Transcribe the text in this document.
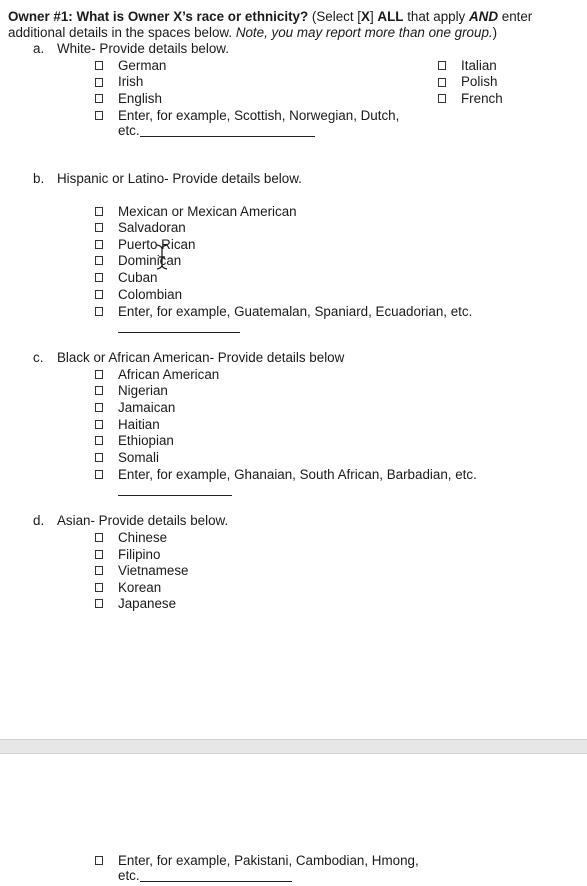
Owner #1: What is Owner X’s race or ethnicity? (Select [X] ALL that apply AND enter
additional details in the spaces below. Note, you may report more than one group.)
a. White- Provide details below.
German
Irish
English
Italian
Polish
French
Enter, for example, Scottish, Norwegian, Dutch,
etc.
b. Hispanic or Latino- Provide details below.
Mexican or Mexican American
Salvadoran
Puerto Rican
Dominican
Cuban
Colombian
Enter, for example, Guatemalan, Spaniard, Ecuadorian, etc.
c. Black or African American- Provide details below
African American
Nigerian
Jamaican
Haitian
Ethiopian
Somali
Enter, for example, Ghanaian, South African, Barbadian, etc.
d. Asian- Provide details below.
Chinese
Filipino
Vietnamese
Korean
Japanese
Enter, for example, Pakistani, Cambodian, Hmong,
etc.
